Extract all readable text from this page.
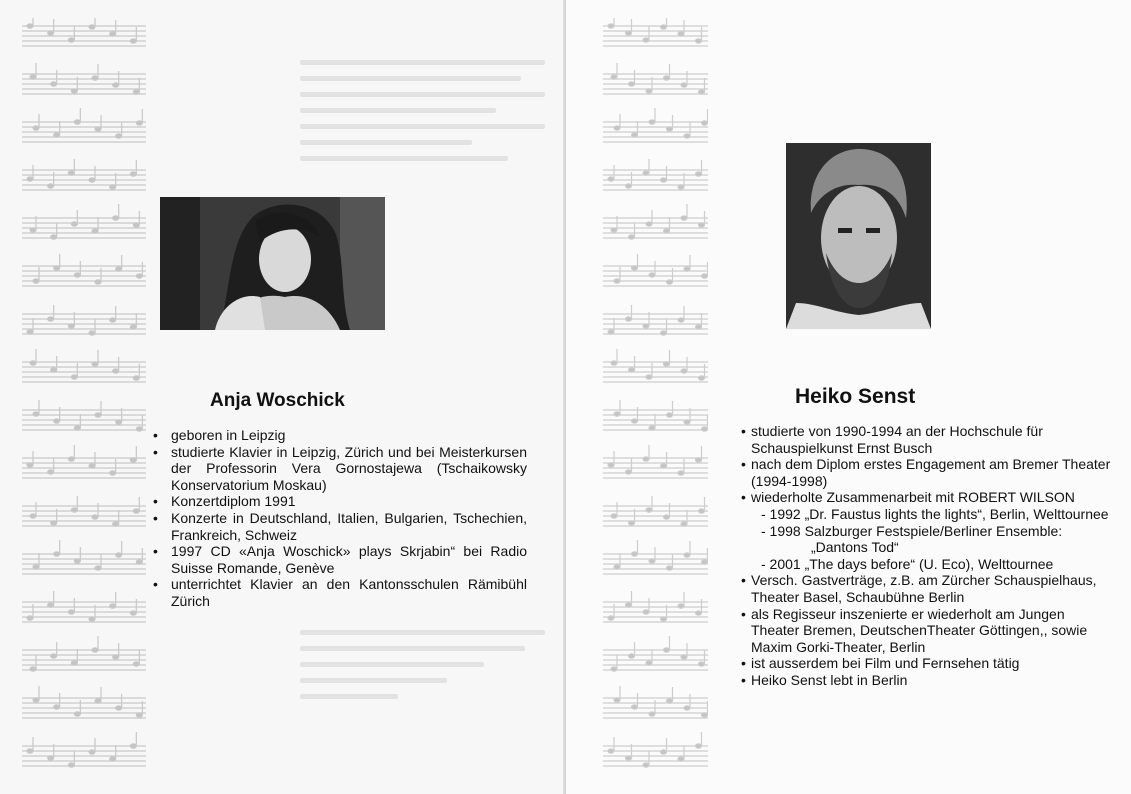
Anja Woschick
• geboren in Leipzig
• studierte Klavier in Leipzig, Zürich und bei Meisterkursen der Professorin Vera Gornostajewa (Tschaikowsky Konservatorium Moskau)
• Konzertdiplom 1991
• Konzerte in Deutschland, Italien, Bulgarien, Tschechien, Frankreich, Schweiz
• 1997 CD «Anja Woschick» plays Skrjabin“ bei Radio Suisse Romande, Genève
• unterrichtet Klavier an den Kantonsschulen Rämibühl Zürich
Heiko Senst
• studierte von 1990-1994 an der Hochschule für Schauspielkunst Ernst Busch
• nach dem Diplom erstes Engagement am Bremer Theater (1994-1998)
• wiederholte Zusammenarbeit mit ROBERT WILSON
- 1992 „Dr. Faustus lights the lights“, Berlin, Welttournee
- 1998 Salzburger Festspiele/Berliner Ensemble:
„Dantons Tod“
- 2001 „The days before“ (U. Eco), Welttournee
• Versch. Gastverträge, z.B. am Zürcher Schauspielhaus, Theater Basel, Schaubühne Berlin
• als Regisseur inszenierte er wiederholt am Jungen Theater Bremen, DeutschenTheater Göttingen,, sowie Maxim Gorki-Theater, Berlin
• ist ausserdem bei Film und Fernsehen tätig
• Heiko Senst lebt in Berlin
